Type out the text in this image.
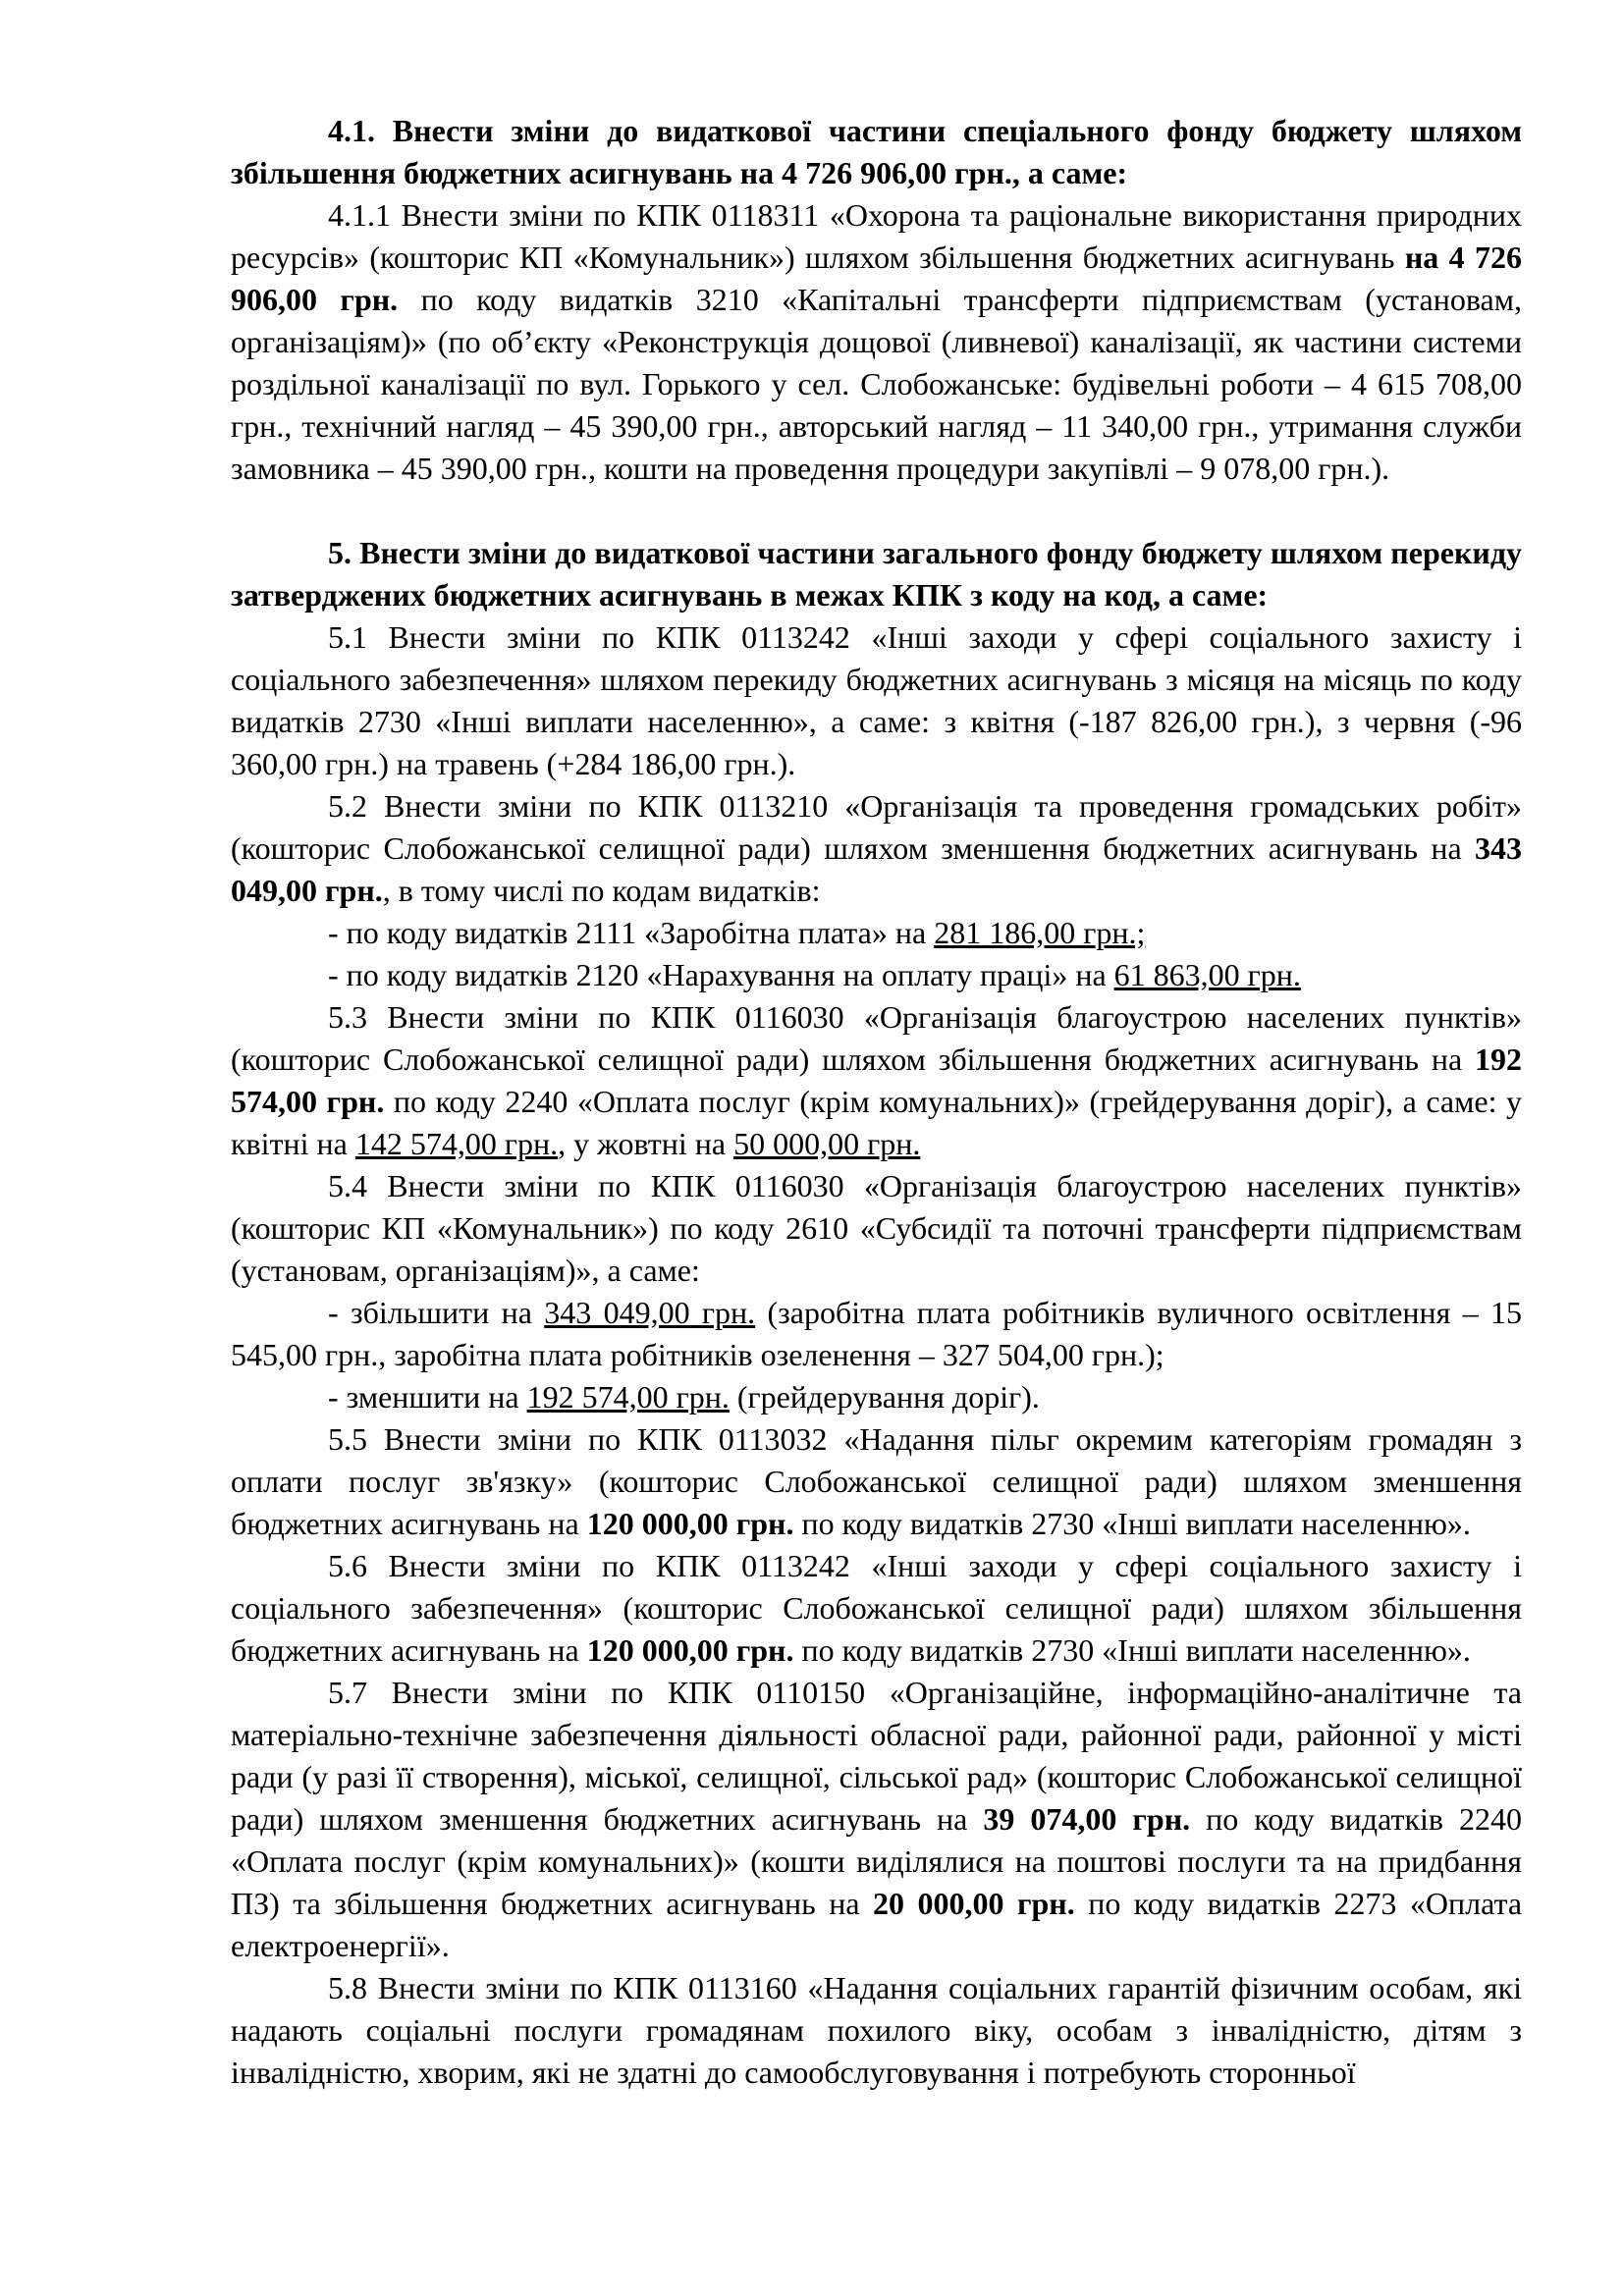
4.1. Внести зміни до видаткової частини спеціального фонду бюджету шляхом збільшення бюджетних асигнувань на 4 726 906,00 грн., а саме:

4.1.1 Внести зміни по КПК 0118311 «Охорона та раціональне використання природних ресурсів» (кошторис КП «Комунальник») шляхом збільшення бюджетних асигнувань на 4 726 906,00 грн. по коду видатків 3210 «Капітальні трансферти підприємствам (установам, організаціям)» (по об’єкту «Реконструкція дощової (ливневої) каналізації, як частини системи роздільної каналізації по вул. Горького у сел. Слобожанське: будівельні роботи – 4 615 708,00 грн., технічний нагляд – 45 390,00 грн., авторський нагляд – 11 340,00 грн., утримання служби замовника – 45 390,00 грн., кошти на проведення процедури закупівлі – 9 078,00 грн.).

5. Внести зміни до видаткової частини загального фонду бюджету шляхом перекиду затверджених бюджетних асигнувань в межах КПК з коду на код, а саме:

5.1 Внести зміни по КПК 0113242 «Інші заходи у сфері соціального захисту і соціального забезпечення» шляхом перекиду бюджетних асигнувань з місяця на місяць по коду видатків 2730 «Інші виплати населенню», а саме: з квітня (-187 826,00 грн.), з червня (-96 360,00 грн.) на травень (+284 186,00 грн.).

5.2 Внести зміни по КПК 0113210 «Організація та проведення громадських робіт» (кошторис Слобожанської селищної ради) шляхом зменшення бюджетних асигнувань на 343 049,00 грн., в тому числі по кодам видатків:

- по коду видатків 2111 «Заробітна плата» на 281 186,00 грн.;

- по коду видатків 2120 «Нарахування на оплату праці» на 61 863,00 грн.

5.3 Внести зміни по КПК 0116030 «Організація благоустрою населених пунктів» (кошторис Слобожанської селищної ради) шляхом збільшення бюджетних асигнувань на 192 574,00 грн. по коду 2240 «Оплата послуг (крім комунальних)» (грейдерування доріг), а саме: у квітні на 142 574,00 грн., у жовтні на 50 000,00 грн.

5.4 Внести зміни по КПК 0116030 «Організація благоустрою населених пунктів» (кошторис КП «Комунальник») по коду 2610 «Субсидії та поточні трансферти підприємствам (установам, організаціям)», а саме:

- збільшити на 343 049,00 грн. (заробітна плата робітників вуличного освітлення – 15 545,00 грн., заробітна плата робітників озеленення – 327 504,00 грн.);

- зменшити на 192 574,00 грн. (грейдерування доріг).

5.5 Внести зміни по КПК 0113032 «Надання пільг окремим категоріям громадян з оплати послуг зв'язку» (кошторис Слобожанської селищної ради) шляхом зменшення бюджетних асигнувань на 120 000,00 грн. по коду видатків 2730 «Інші виплати населенню».

5.6 Внести зміни по КПК 0113242 «Інші заходи у сфері соціального захисту і соціального забезпечення» (кошторис Слобожанської селищної ради) шляхом збільшення бюджетних асигнувань на 120 000,00 грн. по коду видатків 2730 «Інші виплати населенню».

5.7 Внести зміни по КПК 0110150 «Організаційне, інформаційно-аналітичне та матеріально-технічне забезпечення діяльності обласної ради, районної ради, районної у місті ради (у разі її створення), міської, селищної, сільської рад» (кошторис Слобожанської селищної ради) шляхом зменшення бюджетних асигнувань на 39 074,00 грн. по коду видатків 2240 «Оплата послуг (крім комунальних)» (кошти виділялися на поштові послуги та на придбання ПЗ) та збільшення бюджетних асигнувань на 20 000,00 грн. по коду видатків 2273 «Оплата електроенергії».

5.8 Внести зміни по КПК 0113160 «Надання соціальних гарантій фізичним особам, які надають соціальні послуги громадянам похилого віку, особам з інвалідністю, дітям з інвалідністю, хворим, які не здатні до самообслуговування і потребують сторонньої
